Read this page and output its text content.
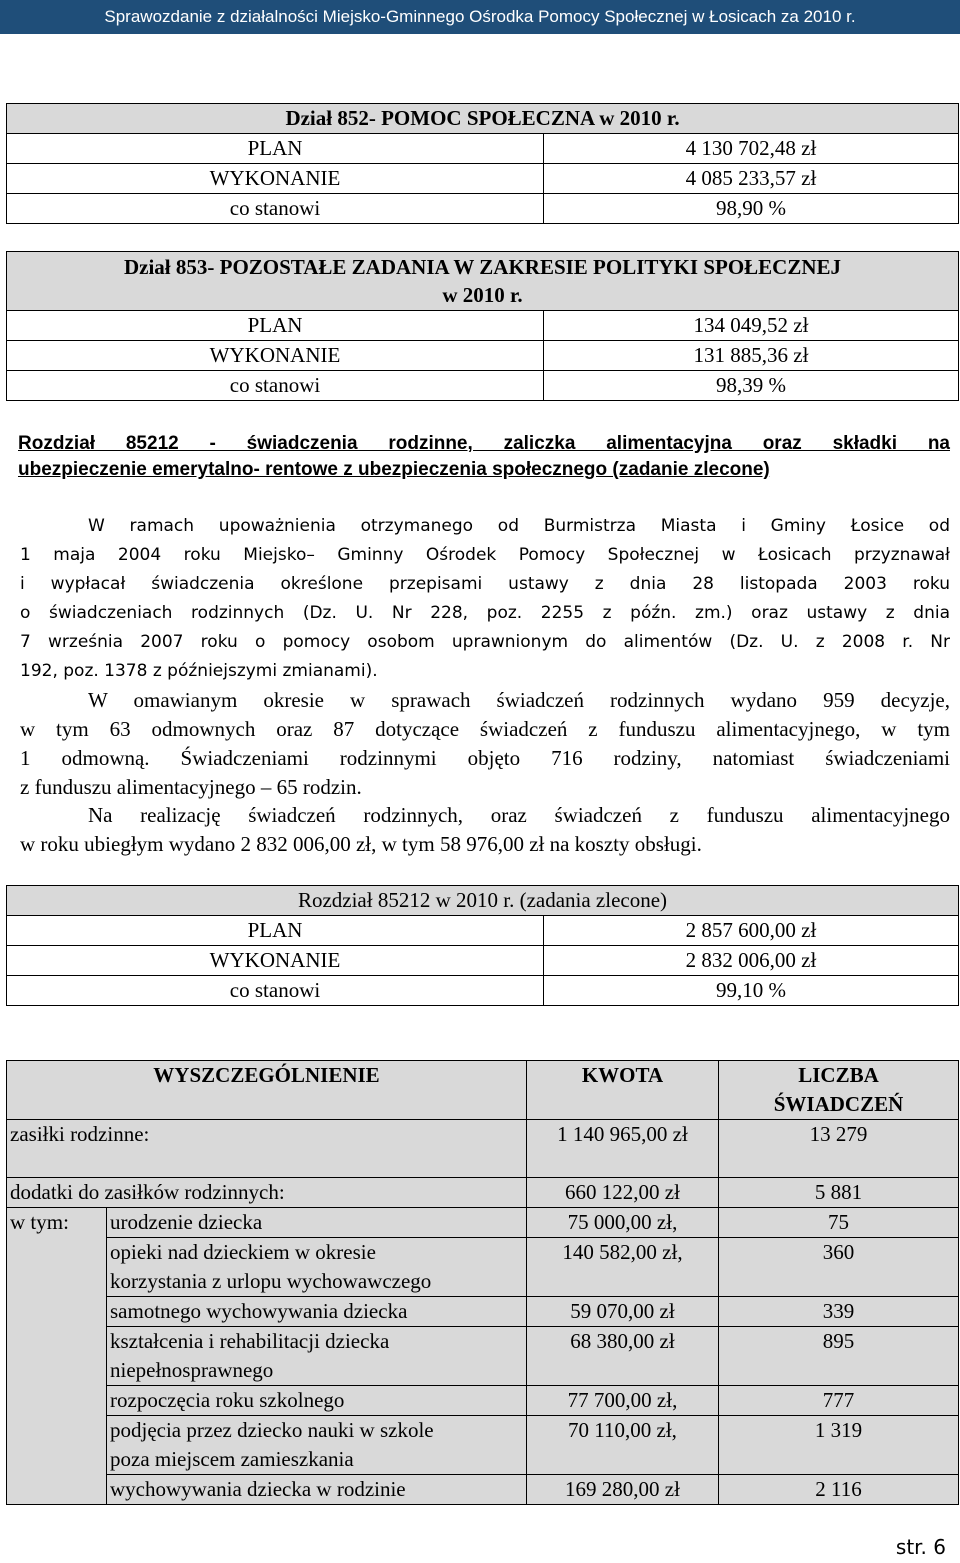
Sprawozdanie z działalności Miejsko-Gminnego Ośrodka Pomocy Społecznej w Łosicach za 2010 r.
Dział 852- POMOC SPOŁECZNA w 2010 r.	
PLAN	4 130 702,48 zł
WYKONANIE	4 085 233,57 zł
co stanowi	98,90 %
Dział 853- POZOSTAŁE ZADANIA W ZAKRESIE POLITYKI SPOŁECZNEJ
w 2010 r.	

PLAN	134 049,52 zł
WYKONANIE	131 885,36 zł
co stanowi	98,39 %
Rozdział 85212 - świadczenia rodzinne, zaliczka alimentacyjna oraz składki na
ubezpieczenie emerytalno- rentowe z ubezpieczenia społecznego (zadanie zlecone)
W ramach upoważnienia otrzymanego od Burmistrza Miasta i Gminy Łosice od
1 maja 2004 roku Miejsko– Gminny Ośrodek Pomocy Społecznej w Łosicach przyznawał
i wypłacał świadczenia określone przepisami ustawy z dnia 28 listopada 2003 roku
o świadczeniach rodzinnych (Dz. U. Nr 228, poz. 2255 z późn. zm.) oraz ustawy z dnia
7 września 2007 roku o pomocy osobom uprawnionym do alimentów (Dz. U. z 2008 r. Nr
192, poz. 1378 z późniejszymi zmianami).
W omawianym okresie w sprawach świadczeń rodzinnych wydano 959 decyzje,
w tym 63 odmownych oraz 87 dotyczące świadczeń z funduszu alimentacyjnego, w tym
1 odmowną. Świadczeniami rodzinnymi objęto 716 rodziny, natomiast świadczeniami
z funduszu alimentacyjnego – 65 rodzin.
Na realizację świadczeń rodzinnych, oraz świadczeń z funduszu alimentacyjnego
w roku ubiegłym wydano 2 832 006,00 zł, w tym 58 976,00 zł na koszty obsługi.
Rozdział 85212 w 2010 r. (zadania zlecone)	
PLAN	2 857 600,00 zł
WYKONANIE	2 832 006,00 zł
co stanowi	99,10 %
WYSZCZEGÓLNIENIE		KWOTA	LICZBA
ŚWIADCZEŃ

zasiłki rodzinne:		1 140 965,00 zł	13 279
dodatki do zasiłków rodzinnych:		660 122,00 zł	5 881
w tym:	urodzenie dziecka	75 000,00 zł,	75

	opieki nad dzieckiem w okresie
korzystania z urlopu wychowawczego	140 582,00 zł,	360
	samotnego wychowywania dziecka	59 070,00 zł	339

	kształcenia i rehabilitacji dziecka
niepełnosprawnego	68 380,00 zł	895
	rozpoczęcia roku szkolnego	77 700,00 zł,	777

	podjęcia przez dziecko nauki w szkole
poza miejscem zamieszkania	70 110,00 zł,	1 319
	wychowywania dziecka w rodzinie	169 280,00 zł	2 116
str. 6
